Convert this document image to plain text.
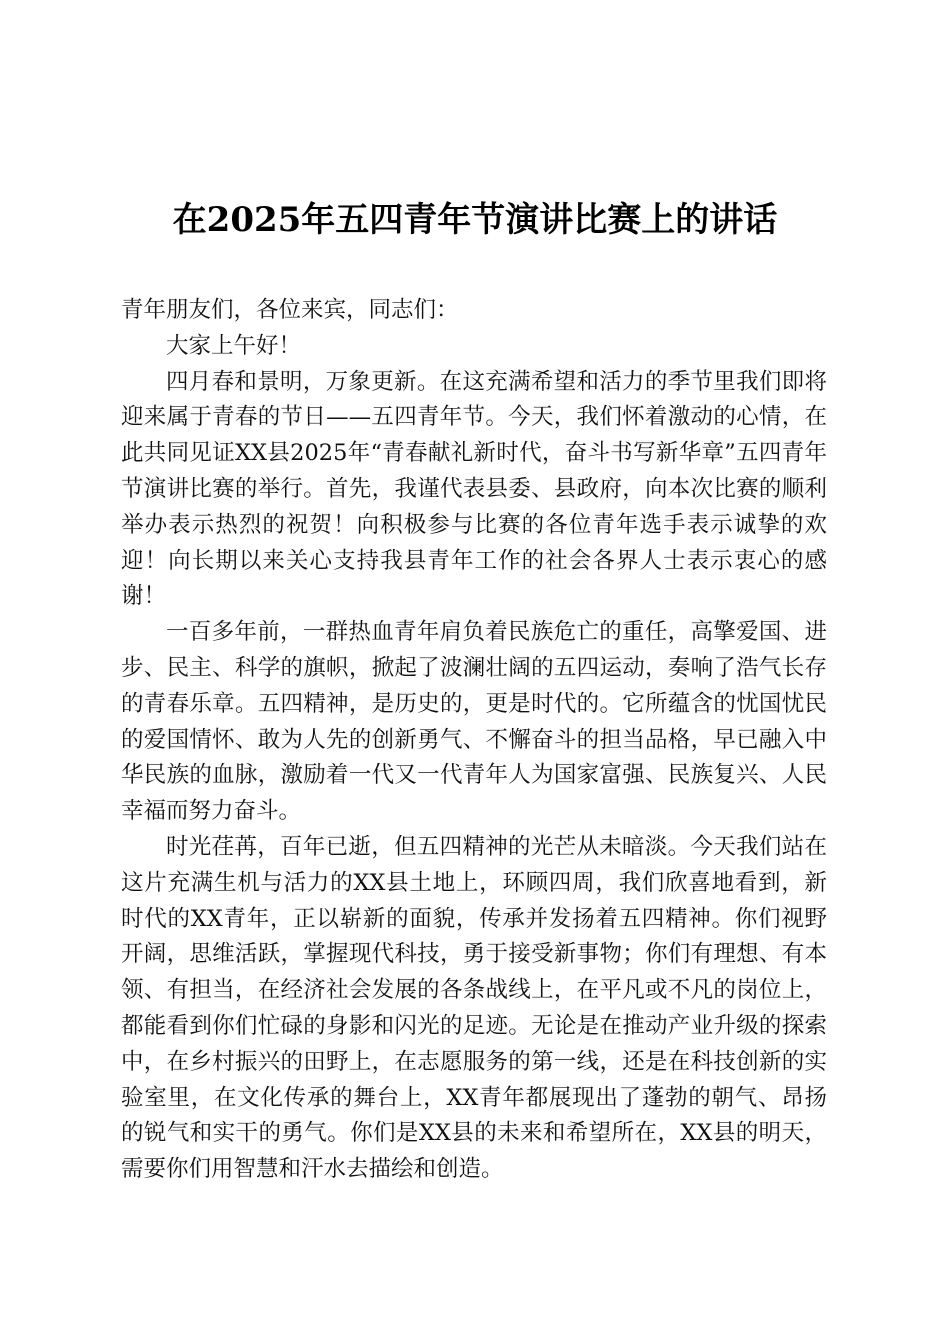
在2025年五四青年节演讲比赛上的讲话

青年朋友们，各位来宾，同志们：

大家上午好！

四月春和景明，万象更新。在这充满希望和活力的季节里我们即将迎来属于青春的节日——五四青年节。今天，我们怀着激动的心情，在此共同见证XX县2025年“青春献礼新时代，奋斗书写新华章”五四青年节演讲比赛的举行。首先，我谨代表县委、县政府，向本次比赛的顺利举办表示热烈的祝贺！向积极参与比赛的各位青年选手表示诚挚的欢迎！向长期以来关心支持我县青年工作的社会各界人士表示衷心的感谢！

一百多年前，一群热血青年肩负着民族危亡的重任，高擎爱国、进步、民主、科学的旗帜，掀起了波澜壮阔的五四运动，奏响了浩气长存的青春乐章。五四精神，是历史的，更是时代的。它所蕴含的忧国忧民的爱国情怀、敢为人先的创新勇气、不懈奋斗的担当品格，早已融入中华民族的血脉，激励着一代又一代青年人为国家富强、民族复兴、人民幸福而努力奋斗。

时光荏苒，百年已逝，但五四精神的光芒从未暗淡。今天我们站在这片充满生机与活力的XX县土地上，环顾四周，我们欣喜地看到，新时代的XX青年，正以崭新的面貌，传承并发扬着五四精神。你们视野开阔，思维活跃，掌握现代科技，勇于接受新事物；你们有理想、有本领、有担当，在经济社会发展的各条战线上，在平凡或不凡的岗位上，都能看到你们忙碌的身影和闪光的足迹。无论是在推动产业升级的探索中，在乡村振兴的田野上，在志愿服务的第一线，还是在科技创新的实验室里，在文化传承的舞台上，XX青年都展现出了蓬勃的朝气、昂扬的锐气和实干的勇气。你们是XX县的未来和希望所在，XX县的明天，需要你们用智慧和汗水去描绘和创造。
